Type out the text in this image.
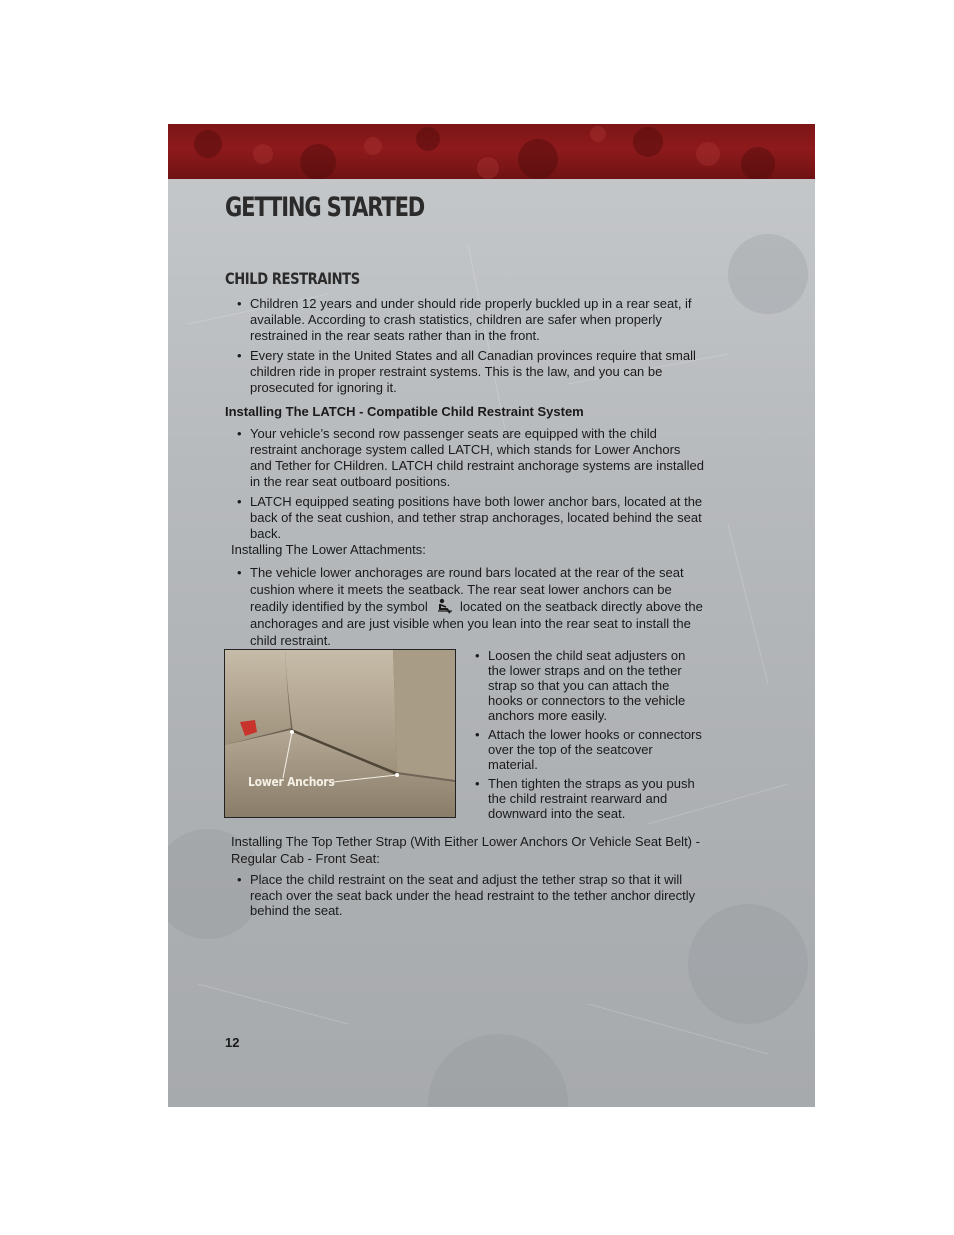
GETTING STARTED
CHILD RESTRAINTS
• Children 12 years and under should ride properly buckled up in a rear seat, if available. According to crash statistics, children are safer when properly restrained in the rear seats rather than in the front.
• Every state in the United States and all Canadian provinces require that small children ride in proper restraint systems. This is the law, and you can be prosecuted for ignoring it.
Installing The LATCH - Compatible Child Restraint System
• Your vehicle’s second row passenger seats are equipped with the child restraint anchorage system called LATCH, which stands for Lower Anchors and Tether for CHildren. LATCH child restraint anchorage systems are installed in the rear seat outboard positions.
• LATCH equipped seating positions have both lower anchor bars, located at the back of the seat cushion, and tether strap anchorages, located behind the seat back.
Installing The Lower Attachments:
• The vehicle lower anchorages are round bars located at the rear of the seat cushion where it meets the seatback. The rear seat lower anchors can be readily identified by the symbol located on the seatback directly above the anchorages and are just visible when you lean into the rear seat to install the child restraint.
Lower Anchors
• Loosen the child seat adjusters on the lower straps and on the tether strap so that you can attach the hooks or connectors to the vehicle anchors more easily.
• Attach the lower hooks or connectors over the top of the seatcover material.
• Then tighten the straps as you push the child restraint rearward and downward into the seat.
Installing The Top Tether Strap (With Either Lower Anchors Or Vehicle Seat Belt) - Regular Cab - Front Seat:
• Place the child restraint on the seat and adjust the tether strap so that it will reach over the seat back under the head restraint to the tether anchor directly behind the seat.
12
